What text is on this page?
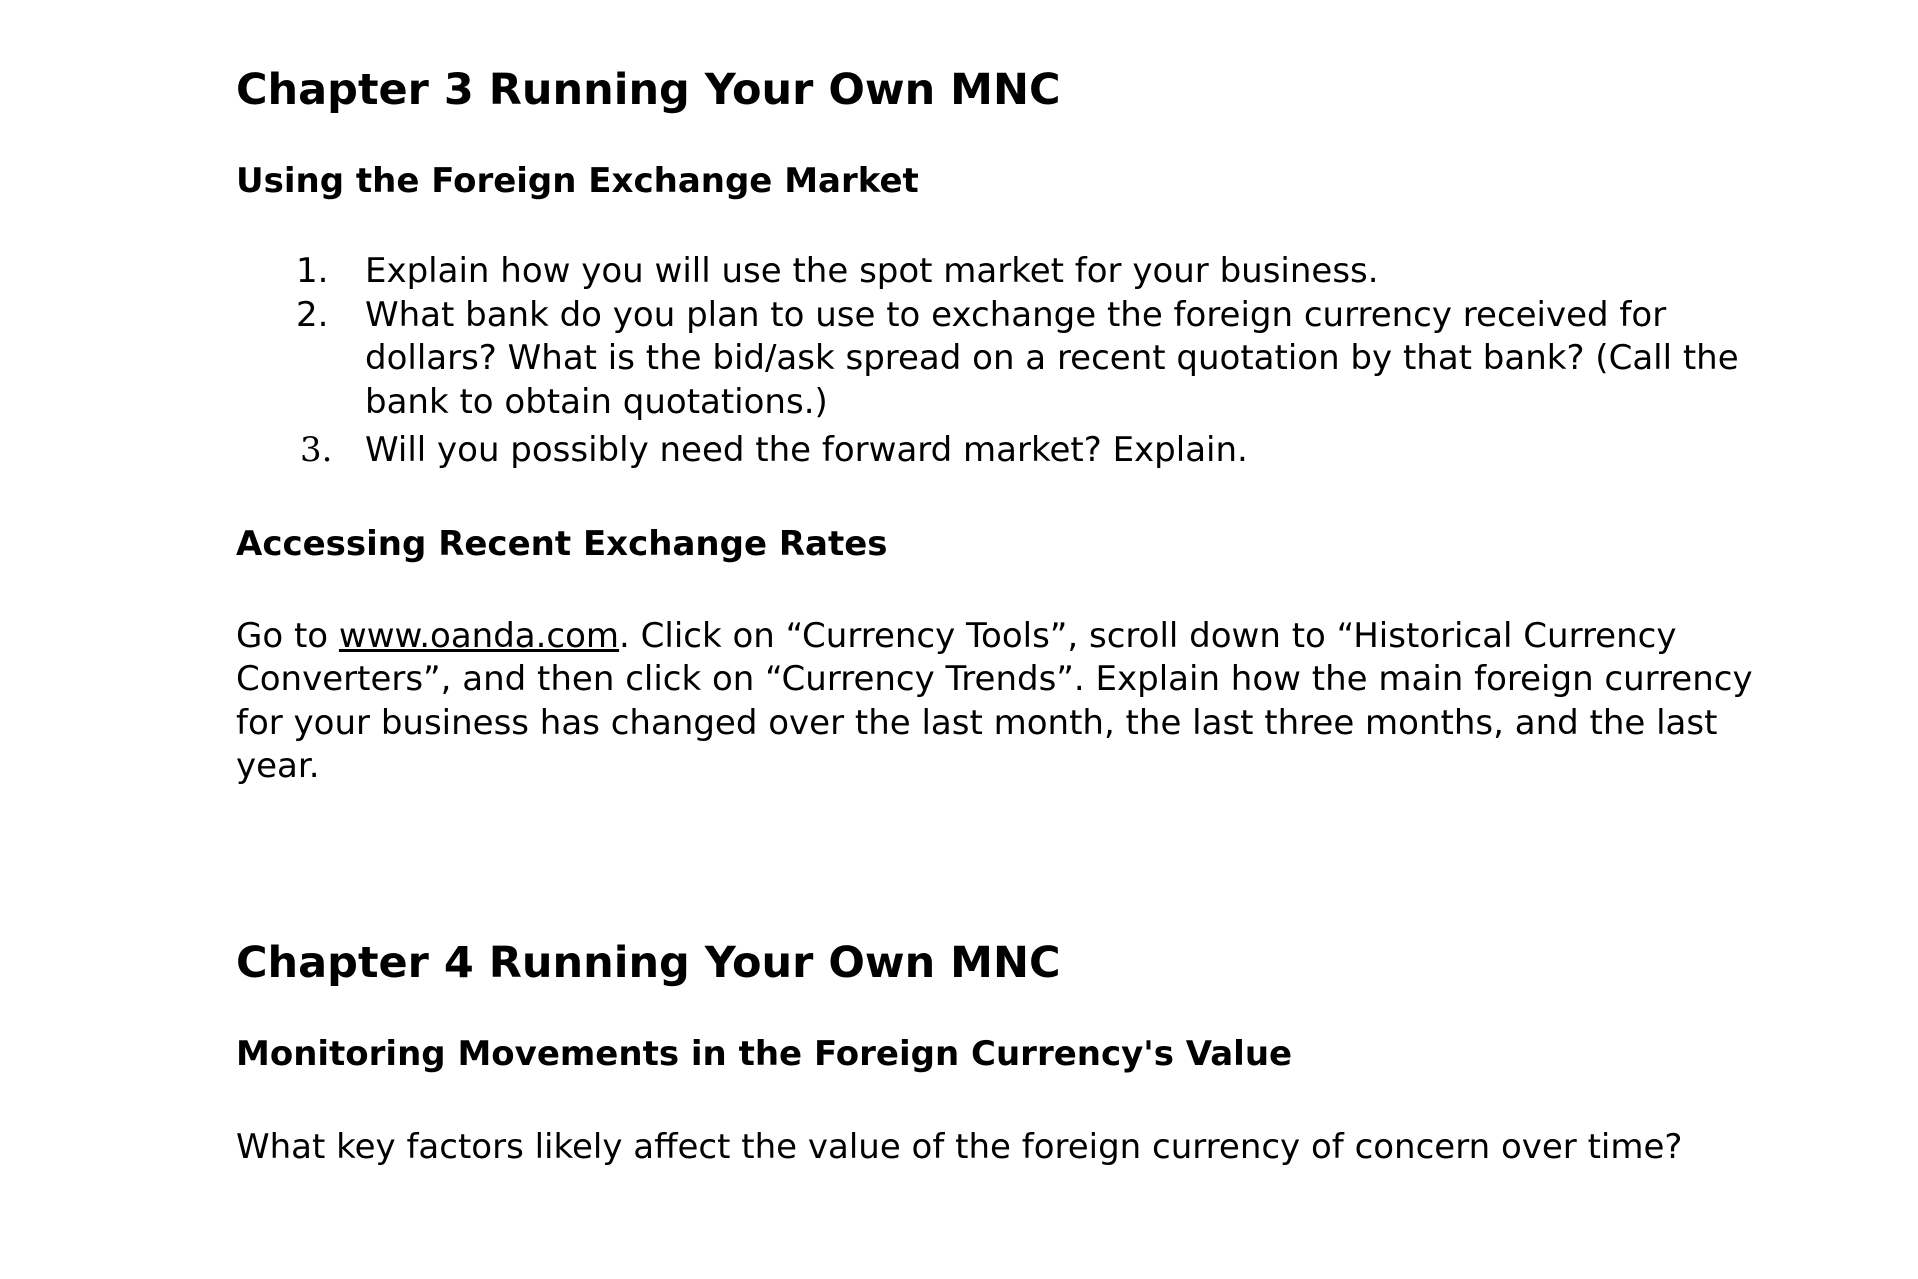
Chapter 3 Running Your Own MNC
Using the Foreign Exchange Market
1. Explain how you will use the spot market for your business.
2. What bank do you plan to use to exchange the foreign currency received for dollars? What is the bid/ask spread on a recent quotation by that bank? (Call the bank to obtain quotations.)
3. Will you possibly need the forward market? Explain.
Accessing Recent Exchange Rates

Go to www.oanda.com. Click on “Currency Tools”, scroll down to “Historical Currency Converters”, and then click on “Currency Trends”. Explain how the main foreign currency for your business has changed over the last month, the last three months, and the last year.

Chapter 4 Running Your Own MNC
Monitoring Movements in the Foreign Currency's Value

What key factors likely affect the value of the foreign currency of concern over time?
